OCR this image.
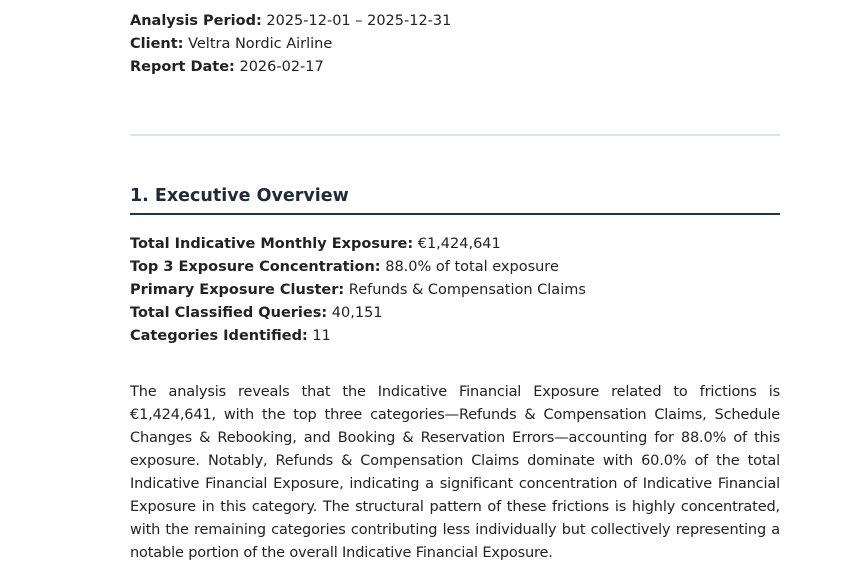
Analysis Period: 2025-12-01 – 2025-12-31
Client: Veltra Nordic Airline
Report Date: 2026-02-17
1. Executive Overview
Total Indicative Monthly Exposure: €1,424,641
Top 3 Exposure Concentration: 88.0% of total exposure
Primary Exposure Cluster: Refunds & Compensation Claims
Total Classified Queries: 40,151
Categories Identified: 11

The analysis reveals that the Indicative Financial Exposure related to frictions is €1,424,641, with the top three categories—Refunds & Compensation Claims, Schedule Changes & Rebooking, and Booking & Reservation Errors—accounting for 88.0% of this exposure. Notably, Refunds & Compensation Claims dominate with 60.0% of the total Indicative Financial Exposure, indicating a significant concentration of Indicative Financial Exposure in this category. The structural pattern of these frictions is highly concentrated, with the remaining categories contributing less individually but collectively representing a notable portion of the overall Indicative Financial Exposure.
